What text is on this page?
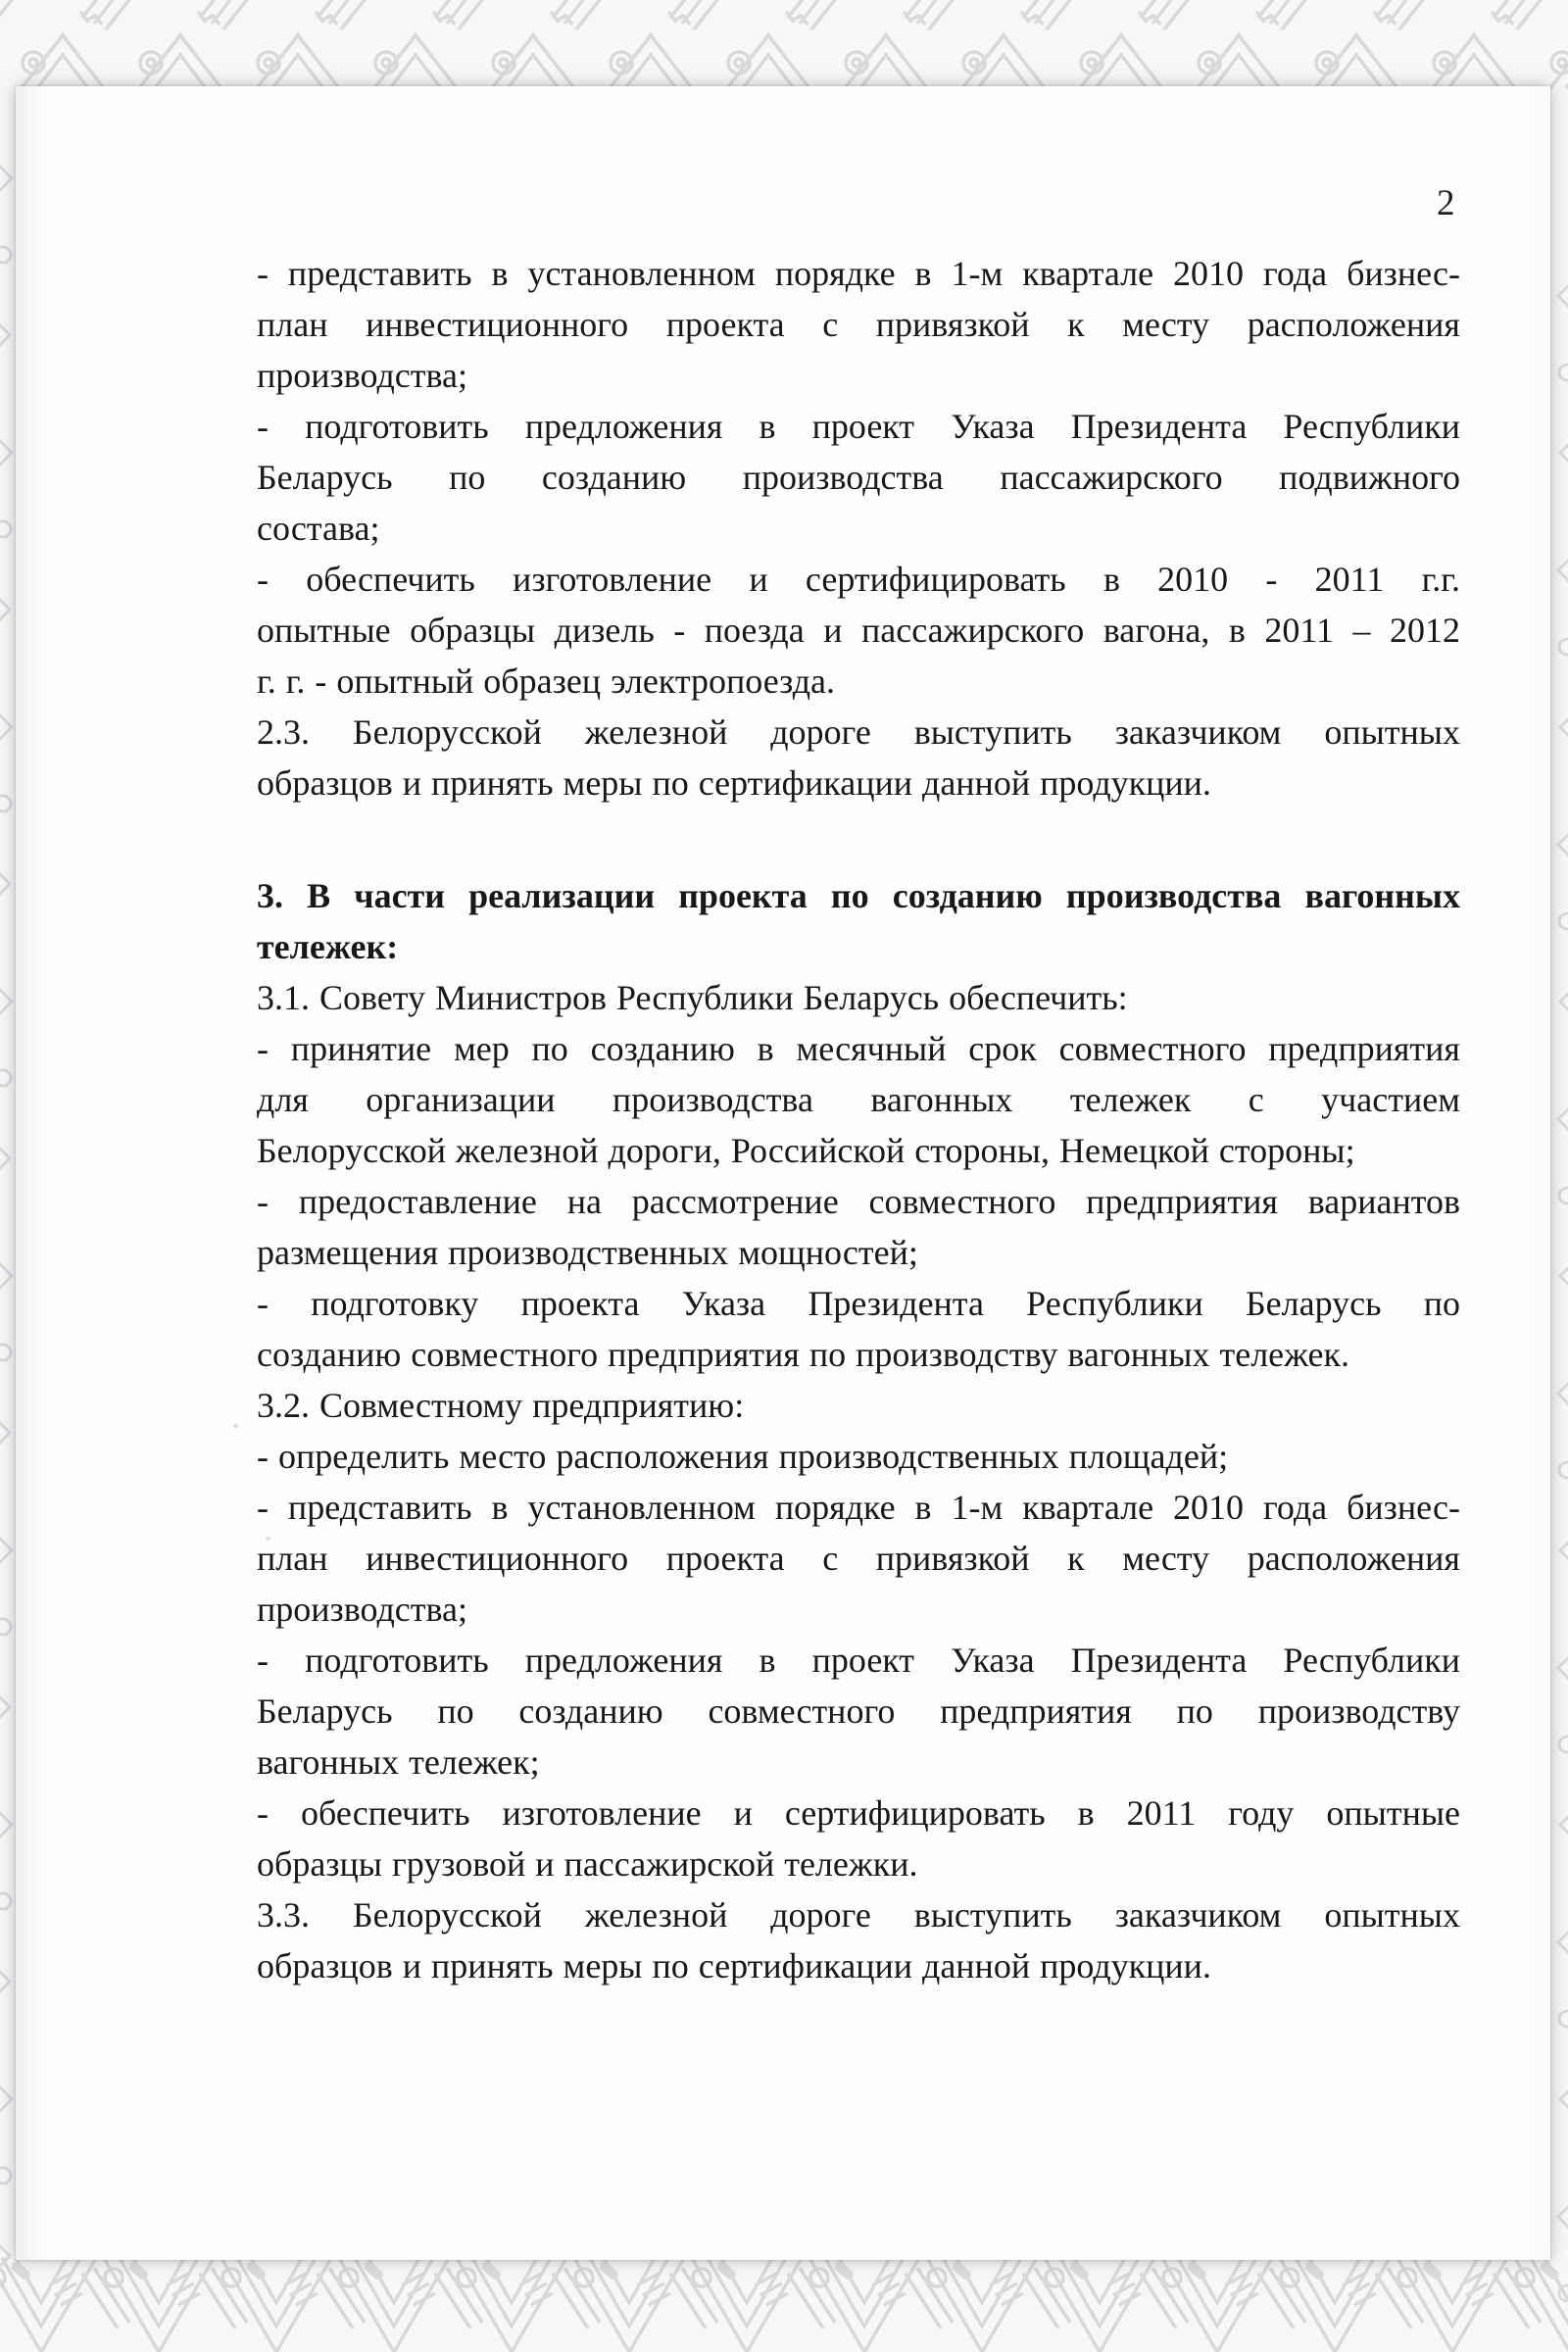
2

- представить в установленном порядке в 1-м квартале 2010 года бизнес-
план инвестиционного проекта с привязкой к месту расположения
производства;

- подготовить предложения в проект Указа Президента Республики
Беларусь по созданию производства пассажирского подвижного
состава;

- обеспечить изготовление и сертифицировать в 2010 - 2011 г.г.
опытные образцы дизель - поезда и пассажирского вагона, в 2011 – 2012
г. г. - опытный образец электропоезда.

2.3. Белорусской железной дороге выступить заказчиком опытных
образцов и принять меры по сертификации данной продукции.

3. В части реализации проекта по созданию производства вагонных
тележек:

3.1. Совету Министров Республики Беларусь обеспечить:

- принятие мер по созданию в месячный срок совместного предприятия
для организации производства вагонных тележек с участием
Белорусской железной дороги, Российской стороны, Немецкой стороны;

- предоставление на рассмотрение совместного предприятия вариантов
размещения производственных мощностей;

- подготовку проекта Указа Президента Республики Беларусь по
созданию совместного предприятия по производству вагонных тележек.

3.2. Совместному предприятию:

- определить место расположения производственных площадей;

- представить в установленном порядке в 1-м квартале 2010 года бизнес-
план инвестиционного проекта с привязкой к месту расположения
производства;

- подготовить предложения в проект Указа Президента Республики
Беларусь по созданию совместного предприятия по производству
вагонных тележек;

- обеспечить изготовление и сертифицировать в 2011 году опытные
образцы грузовой и пассажирской тележки.

3.3. Белорусской железной дороге выступить заказчиком опытных
образцов и принять меры по сертификации данной продукции.
